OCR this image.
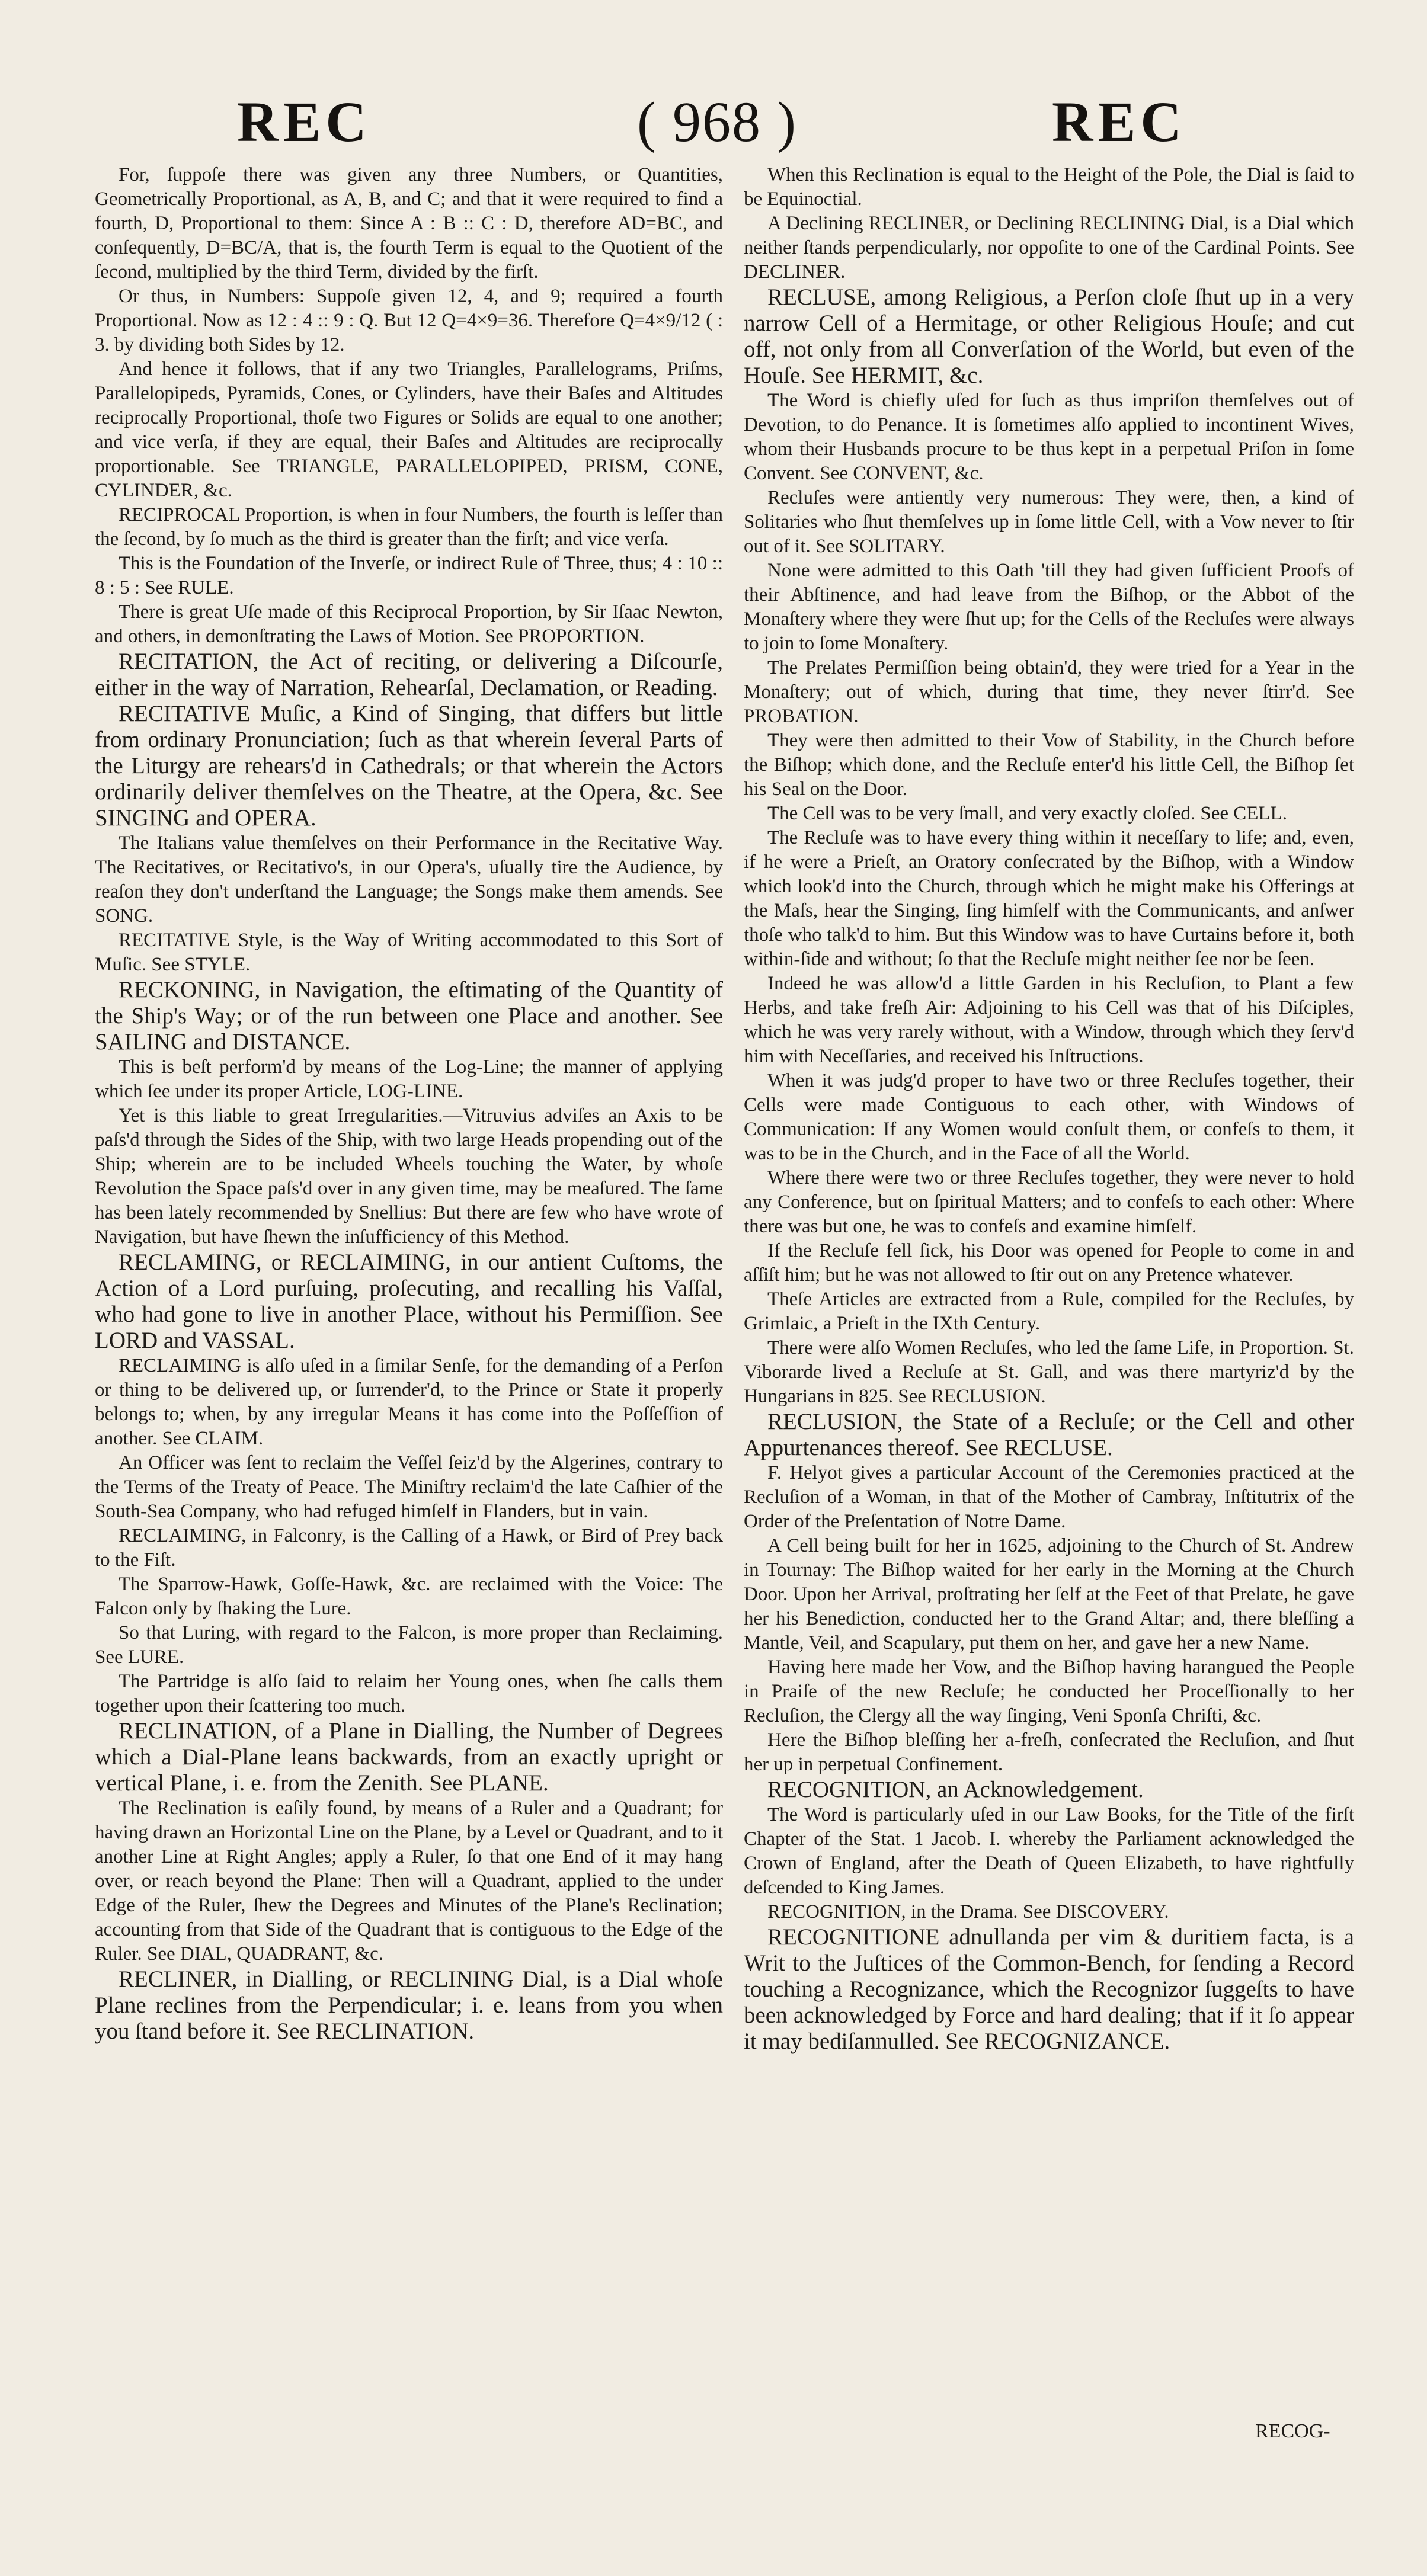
REC	( 968 )	REC

For, ſuppoſe there was given any three Numbers, or Quantities, Geometrically Proportional, as A, B, and C; and that it were required to find a fourth, D, Proportional to them: Since A : B :: C : D, therefore AD=BC, and conſequently, D=BC/A, that is, the fourth Term is equal to the Quotient of the ſecond, multiplied by the third Term, divided by the firſt.

Or thus, in Numbers: Suppoſe given 12, 4, and 9; required a fourth Proportional. Now as 12 : 4 :: 9 : Q. But 12 Q=4×9=36. Therefore Q=4×9/12 ( : 3. by dividing both Sides by 12.

And hence it follows, that if any two Triangles, Parallelograms, Priſms, Parallelopipeds, Pyramids, Cones, or Cylinders, have their Baſes and Altitudes reciprocally Proportional, thoſe two Figures or Solids are equal to one another; and vice verſa, if they are equal, their Baſes and Altitudes are reciprocally proportionable. See TRIANGLE, PARALLELOPIPED, PRISM, CONE, CYLINDER, &c.

RECIPROCAL Proportion, is when in four Numbers, the fourth is leſſer than the ſecond, by ſo much as the third is greater than the firſt; and vice verſa.

This is the Foundation of the Inverſe, or indirect Rule of Three, thus; 4 : 10 :: 8 : 5 : See RULE.

There is great Uſe made of this Reciprocal Proportion, by Sir Iſaac Newton, and others, in demonſtrating the Laws of Motion. See PROPORTION.

RECITATION, the Act of reciting, or delivering a Diſcourſe, either in the way of Narration, Rehearſal, Declamation, or Reading.

RECITATIVE Muſic, a Kind of Singing, that differs but little from ordinary Pronunciation; ſuch as that wherein ſeveral Parts of the Liturgy are rehears'd in Cathedrals; or that wherein the Actors ordinarily deliver themſelves on the Theatre, at the Opera, &c. See SINGING and OPERA.

The Italians value themſelves on their Performance in the Recitative Way. The Recitatives, or Recitativo's, in our Opera's, uſually tire the Audience, by reaſon they don't underſtand the Language; the Songs make them amends. See SONG.

RECITATIVE Style, is the Way of Writing accommodated to this Sort of Muſic. See STYLE.

RECKONING, in Navigation, the eſtimating of the Quantity of the Ship's Way; or of the run between one Place and another. See SAILING and DISTANCE.

This is beſt perform'd by means of the Log-Line; the manner of applying which ſee under its proper Article, LOG-LINE.

Yet is this liable to great Irregularities.—Vitruvius adviſes an Axis to be paſs'd through the Sides of the Ship, with two large Heads propending out of the Ship; wherein are to be included Wheels touching the Water, by whoſe Revolution the Space paſs'd over in any given time, may be meaſured. The ſame has been lately recommended by Snellius: But there are few who have wrote of Navigation, but have ſhewn the inſufficiency of this Method.

RECLAMING, or RECLAIMING, in our antient Cuſtoms, the Action of a Lord purſuing, proſecuting, and recalling his Vaſſal, who had gone to live in another Place, without his Permiſſion. See LORD and VASSAL.

RECLAIMING is alſo uſed in a ſimilar Senſe, for the demanding of a Perſon or thing to be delivered up, or ſurrender'd, to the Prince or State it properly belongs to; when, by any irregular Means it has come into the Poſſeſſion of another. See CLAIM.

An Officer was ſent to reclaim the Veſſel ſeiz'd by the Algerines, contrary to the Terms of the Treaty of Peace. The Miniſtry reclaim'd the late Caſhier of the South-Sea Company, who had refuged himſelf in Flanders, but in vain.

RECLAIMING, in Falconry, is the Calling of a Hawk, or Bird of Prey back to the Fiſt.

The Sparrow-Hawk, Goſſe-Hawk, &c. are reclaimed with the Voice: The Falcon only by ſhaking the Lure.

So that Luring, with regard to the Falcon, is more proper than Reclaiming. See LURE.

The Partridge is alſo ſaid to relaim her Young ones, when ſhe calls them together upon their ſcattering too much.

RECLINATION, of a Plane in Dialling, the Number of Degrees which a Dial-Plane leans backwards, from an exactly upright or vertical Plane, i. e. from the Zenith. See PLANE.

The Reclination is eaſily found, by means of a Ruler and a Quadrant; for having drawn an Horizontal Line on the Plane, by a Level or Quadrant, and to it another Line at Right Angles; apply a Ruler, ſo that one End of it may hang over, or reach beyond the Plane: Then will a Quadrant, applied to the under Edge of the Ruler, ſhew the Degrees and Minutes of the Plane's Reclination; accounting from that Side of the Quadrant that is contiguous to the Edge of the Ruler. See DIAL, QUADRANT, &c.

RECLINER, in Dialling, or RECLINING Dial, is a Dial whoſe Plane reclines from the Perpendicular; i. e. leans from you when you ſtand before it. See RECLINATION.

When this Reclination is equal to the Height of the Pole, the Dial is ſaid to be Equinoctial.

A Declining RECLINER, or Declining RECLINING Dial, is a Dial which neither ſtands perpendicularly, nor oppoſite to one of the Cardinal Points. See DECLINER.

RECLUSE, among Religious, a Perſon cloſe ſhut up in a very narrow Cell of a Hermitage, or other Religious Houſe; and cut off, not only from all Converſation of the World, but even of the Houſe. See HERMIT, &c.

The Word is chiefly uſed for ſuch as thus impriſon themſelves out of Devotion, to do Penance. It is ſometimes alſo applied to incontinent Wives, whom their Husbands procure to be thus kept in a perpetual Priſon in ſome Convent. See CONVENT, &c.

Recluſes were antiently very numerous: They were, then, a kind of Solitaries who ſhut themſelves up in ſome little Cell, with a Vow never to ſtir out of it. See SOLITARY.

None were admitted to this Oath 'till they had given ſufficient Proofs of their Abſtinence, and had leave from the Biſhop, or the Abbot of the Monaſtery where they were ſhut up; for the Cells of the Recluſes were always to join to ſome Monaſtery.

The Prelates Permiſſion being obtain'd, they were tried for a Year in the Monaſtery; out of which, during that time, they never ſtirr'd. See PROBATION.

They were then admitted to their Vow of Stability, in the Church before the Biſhop; which done, and the Recluſe enter'd his little Cell, the Biſhop ſet his Seal on the Door.

The Cell was to be very ſmall, and very exactly cloſed. See CELL.

The Recluſe was to have every thing within it neceſſary to life; and, even, if he were a Prieſt, an Oratory conſecrated by the Biſhop, with a Window which look'd into the Church, through which he might make his Offerings at the Maſs, hear the Singing, ſing himſelf with the Communicants, and anſwer thoſe who talk'd to him. But this Window was to have Curtains before it, both within-ſide and without; ſo that the Recluſe might neither ſee nor be ſeen.

Indeed he was allow'd a little Garden in his Recluſion, to Plant a few Herbs, and take freſh Air: Adjoining to his Cell was that of his Diſciples, which he was very rarely without, with a Window, through which they ſerv'd him with Neceſſaries, and received his Inſtructions.

When it was judg'd proper to have two or three Recluſes together, their Cells were made Contiguous to each other, with Windows of Communication: If any Women would conſult them, or confeſs to them, it was to be in the Church, and in the Face of all the World.

Where there were two or three Recluſes together, they were never to hold any Conference, but on ſpiritual Matters; and to confeſs to each other: Where there was but one, he was to confeſs and examine himſelf.

If the Recluſe fell ſick, his Door was opened for People to come in and aſſiſt him; but he was not allowed to ſtir out on any Pretence whatever.

Theſe Articles are extracted from a Rule, compiled for the Recluſes, by Grimlaic, a Prieſt in the IXth Century.

There were alſo Women Recluſes, who led the ſame Life, in Proportion. St. Viborarde lived a Recluſe at St. Gall, and was there martyriz'd by the Hungarians in 825. See RECLUSION.

RECLUSION, the State of a Recluſe; or the Cell and other Appurtenances thereof. See RECLUSE.

F. Helyot gives a particular Account of the Ceremonies practiced at the Recluſion of a Woman, in that of the Mother of Cambray, Inſtitutrix of the Order of the Preſentation of Notre Dame.

A Cell being built for her in 1625, adjoining to the Church of St. Andrew in Tournay: The Biſhop waited for her early in the Morning at the Church Door. Upon her Arrival, proſtrating her ſelf at the Feet of that Prelate, he gave her his Benediction, conducted her to the Grand Altar; and, there bleſſing a Mantle, Veil, and Scapulary, put them on her, and gave her a new Name.

Having here made her Vow, and the Biſhop having harangued the People in Praiſe of the new Recluſe; he conducted her Proceſſionally to her Recluſion, the Clergy all the way ſinging, Veni Sponſa Chriſti, &c.

Here the Biſhop bleſſing her a-freſh, conſecrated the Recluſion, and ſhut her up in perpetual Confinement.

RECOGNITION, an Acknowledgement.

The Word is particularly uſed in our Law Books, for the Title of the firſt Chapter of the Stat. 1 Jacob. I. whereby the Parliament acknowledged the Crown of England, after the Death of Queen Elizabeth, to have rightfully deſcended to King James.

RECOGNITION, in the Drama. See DISCOVERY.

RECOGNITIONE adnullanda per vim & duritiem facta, is a Writ to the Juſtices of the Common-Bench, for ſending a Record touching a Recognizance, which the Recognizor ſuggeſts to have been acknowledged by Force and hard dealing; that if it ſo appear it may bediſannulled. See RECOGNIZANCE.

RECOG-
